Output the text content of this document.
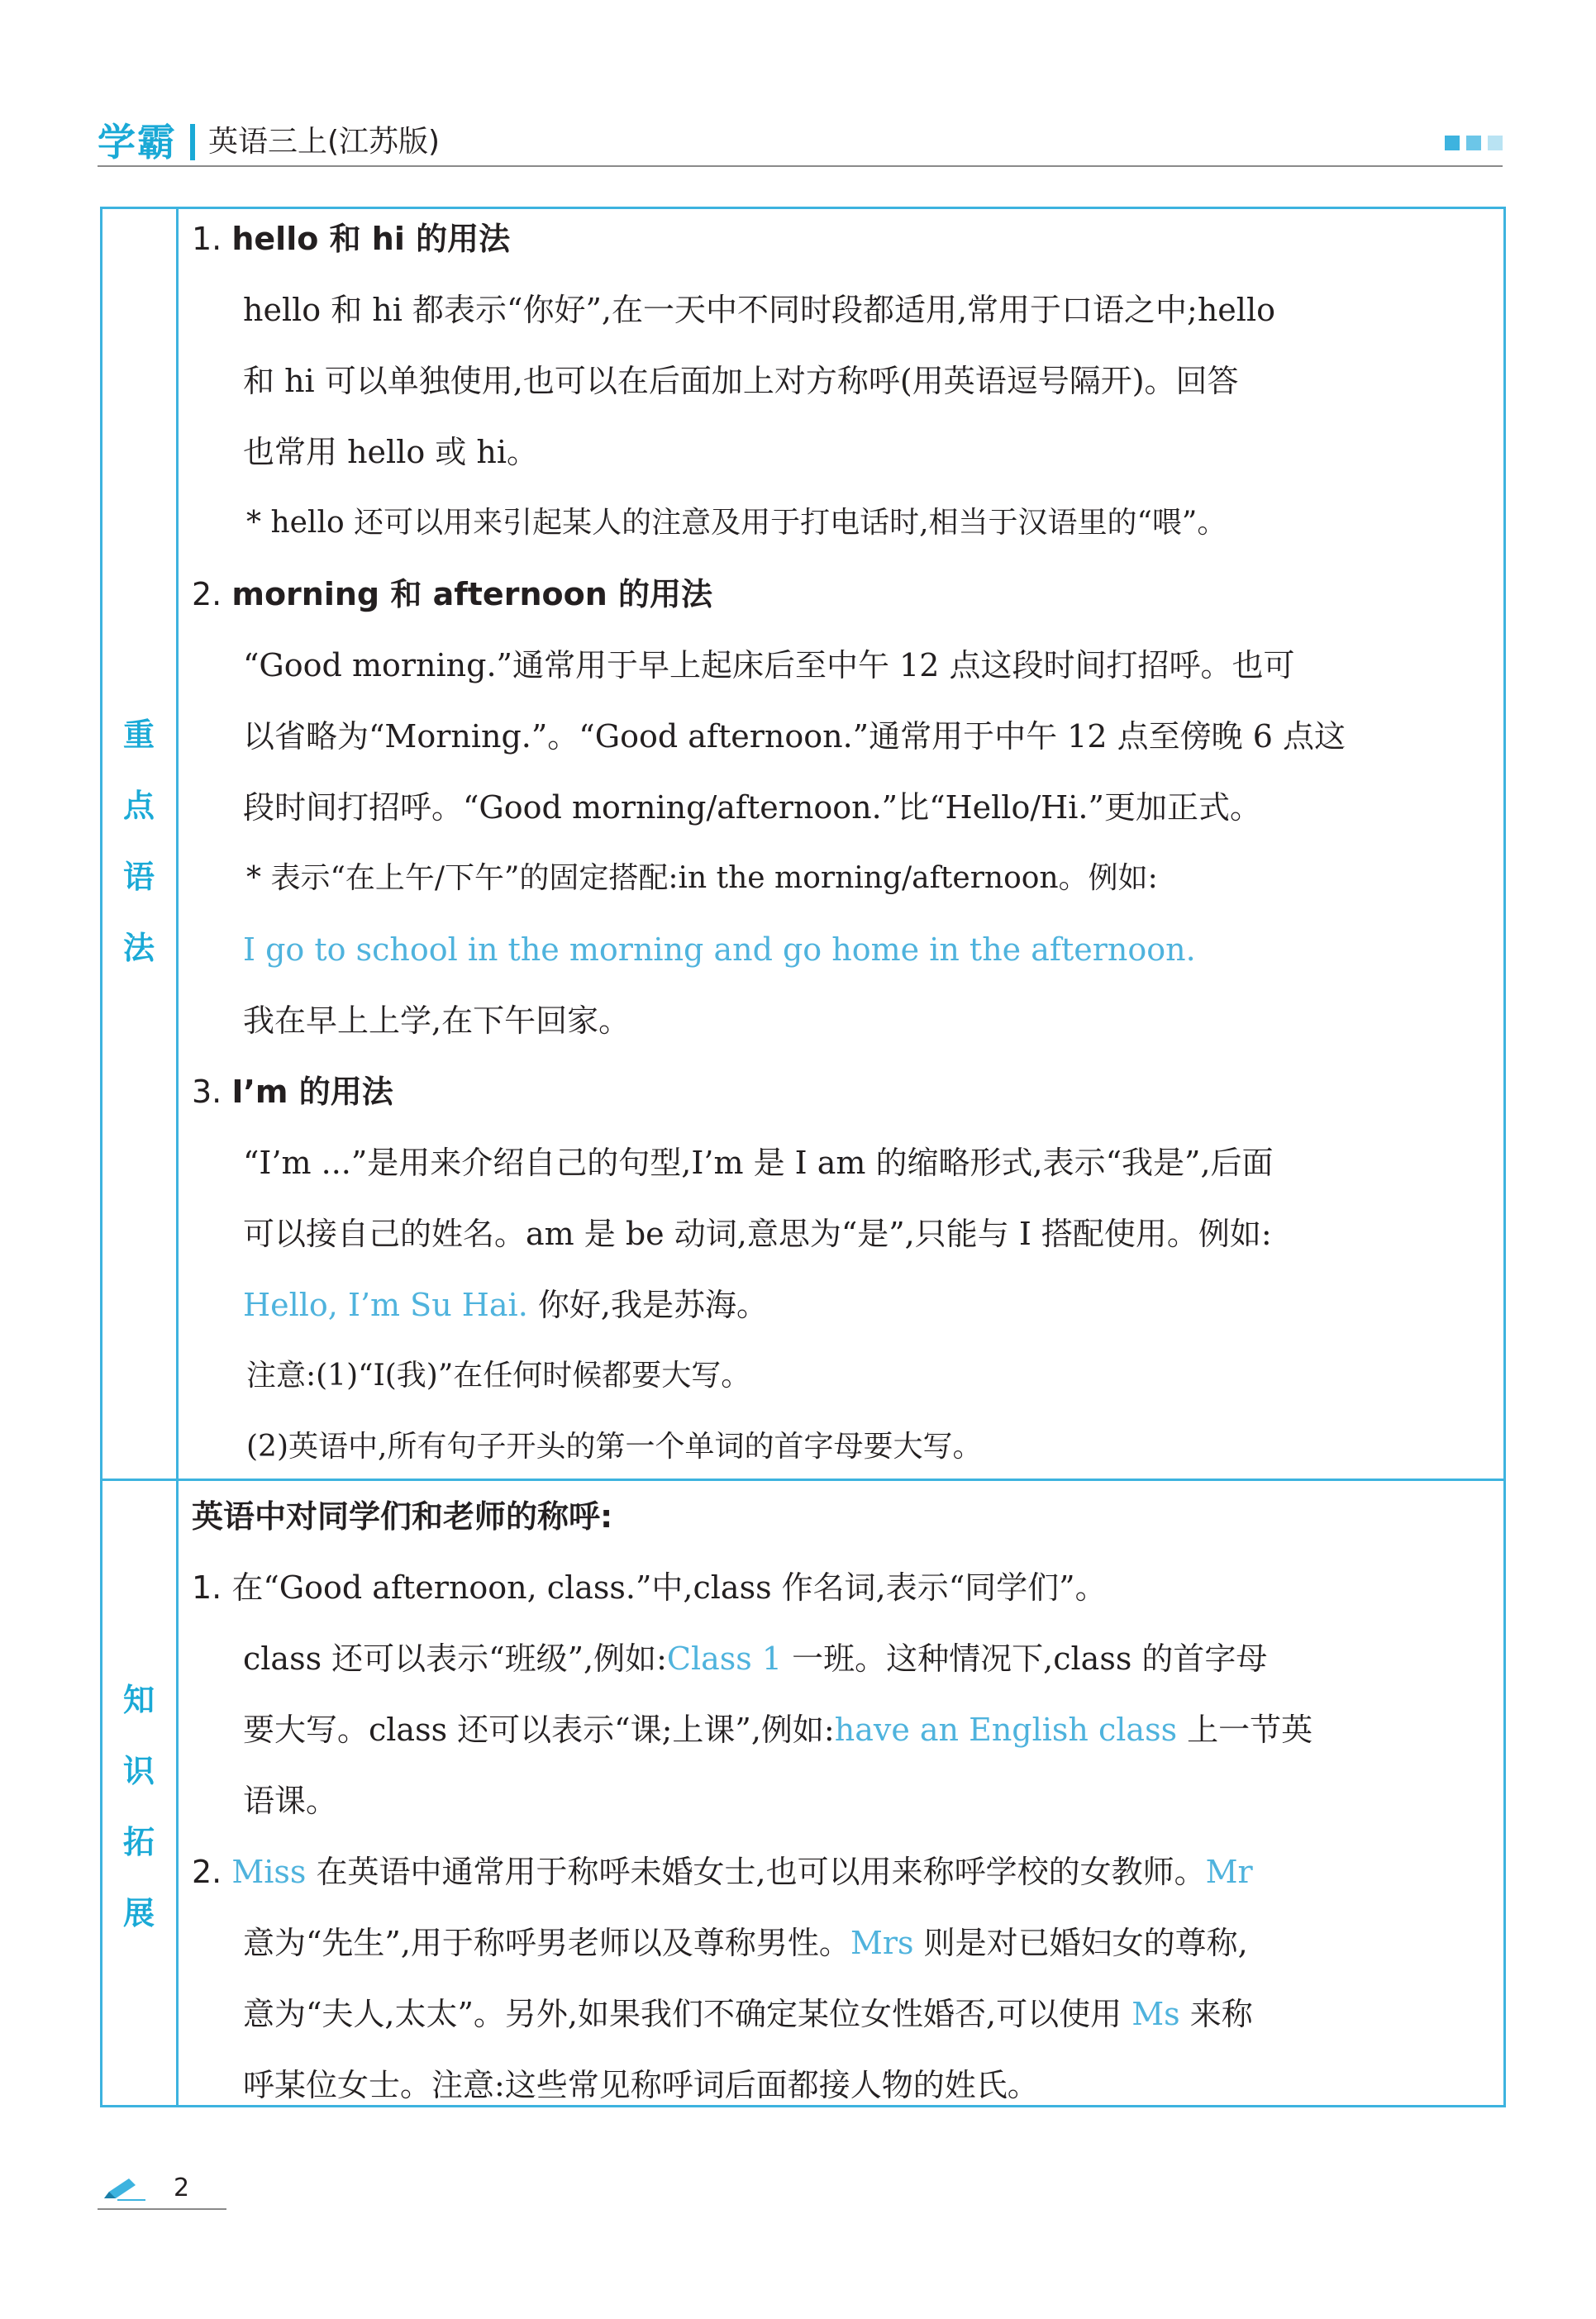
学霸 英语三上(江苏版)
重
点
语
法
1. hello 和 hi 的用法
hello 和 hi 都表示“你好”,在一天中不同时段都适用,常用于口语之中;hello
和 hi 可以单独使用,也可以在后面加上对方称呼(用英语逗号隔开)。回答
也常用 hello 或 hi。
* hello 还可以用来引起某人的注意及用于打电话时,相当于汉语里的“喂”。
2. morning 和 afternoon 的用法
“Good morning.”通常用于早上起床后至中午 12 点这段时间打招呼。也可
以省略为“Morning.”。“Good afternoon.”通常用于中午 12 点至傍晚 6 点这
段时间打招呼。“Good morning/afternoon.”比“Hello/Hi.”更加正式。
* 表示“在上午/下午”的固定搭配:in the morning/afternoon。例如:
I go to school in the morning and go home in the afternoon.
我在早上上学,在下午回家。
3. I’m 的用法
“I’m ...”是用来介绍自己的句型,I’m 是 I am 的缩略形式,表示“我是”,后面
可以接自己的姓名。am 是 be 动词,意思为“是”,只能与 I 搭配使用。例如:
Hello, I’m Su Hai. 你好,我是苏海。
注意:(1)“I(我)”在任何时候都要大写。
(2)英语中,所有句子开头的第一个单词的首字母要大写。
知
识
拓
展
英语中对同学们和老师的称呼:
1. 在“Good afternoon, class.”中,class 作名词,表示“同学们”。
class 还可以表示“班级”,例如:Class 1 一班。这种情况下,class 的首字母
要大写。class 还可以表示“课;上课”,例如:have an English class 上一节英
语课。
2. Miss 在英语中通常用于称呼未婚女士,也可以用来称呼学校的女教师。Mr
意为“先生”,用于称呼男老师以及尊称男性。Mrs 则是对已婚妇女的尊称,
意为“夫人,太太”。另外,如果我们不确定某位女性婚否,可以使用 Ms 来称
呼某位女士。注意:这些常见称呼词后面都接人物的姓氏。
2
